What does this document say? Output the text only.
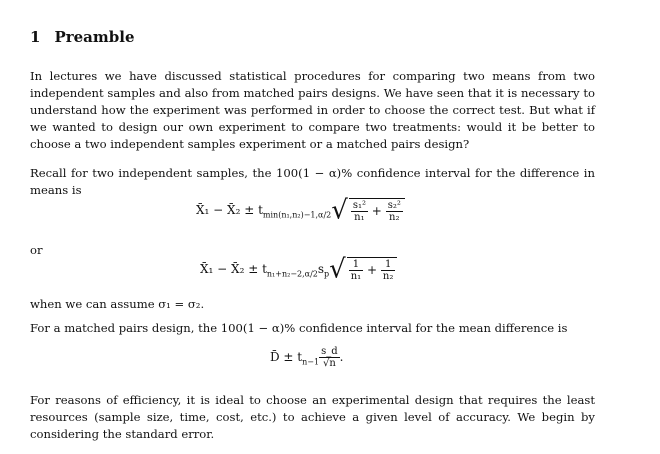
1 Preamble

In lectures we have discussed statistical procedures for comparing two means from two independent samples and also from matched pairs designs. We have seen that it is necessary to understand how the experiment was performed in order to choose the correct test. But what if we wanted to design our own experiment to compare two treatments: would it be better to choose a two independent samples experiment or a matched pairs design?

Recall for two independent samples, the 100(1 − α)% confidence interval for the difference in means is

X̄₁ − X̄₂ ± $t_{min(n_1,n_2)-1,\alpha/2}√ \frac{\text{s₁²}}{\text{n₁}} + \frac{\text{s₂²}}{\text{n₂}}$
or
X̄₁ − X̄₂ ± $t_{n_1+n_2-2,\alpha/2}s_p√ \frac{1}{\text{n₁}} + \frac{1}{\text{n₂}}$

when we can assume σ₁ = σ₂.

For a matched pairs design, the 100(1 − α)% confidence interval for the mean difference is

D̄ ± $t_{n-1} \frac{s\_d}{√n}$ .

For reasons of efficiency, it is ideal to choose an experimental design that requires the least resources (sample size, time, cost, etc.) to achieve a given level of accuracy. We begin by considering the standard error.
